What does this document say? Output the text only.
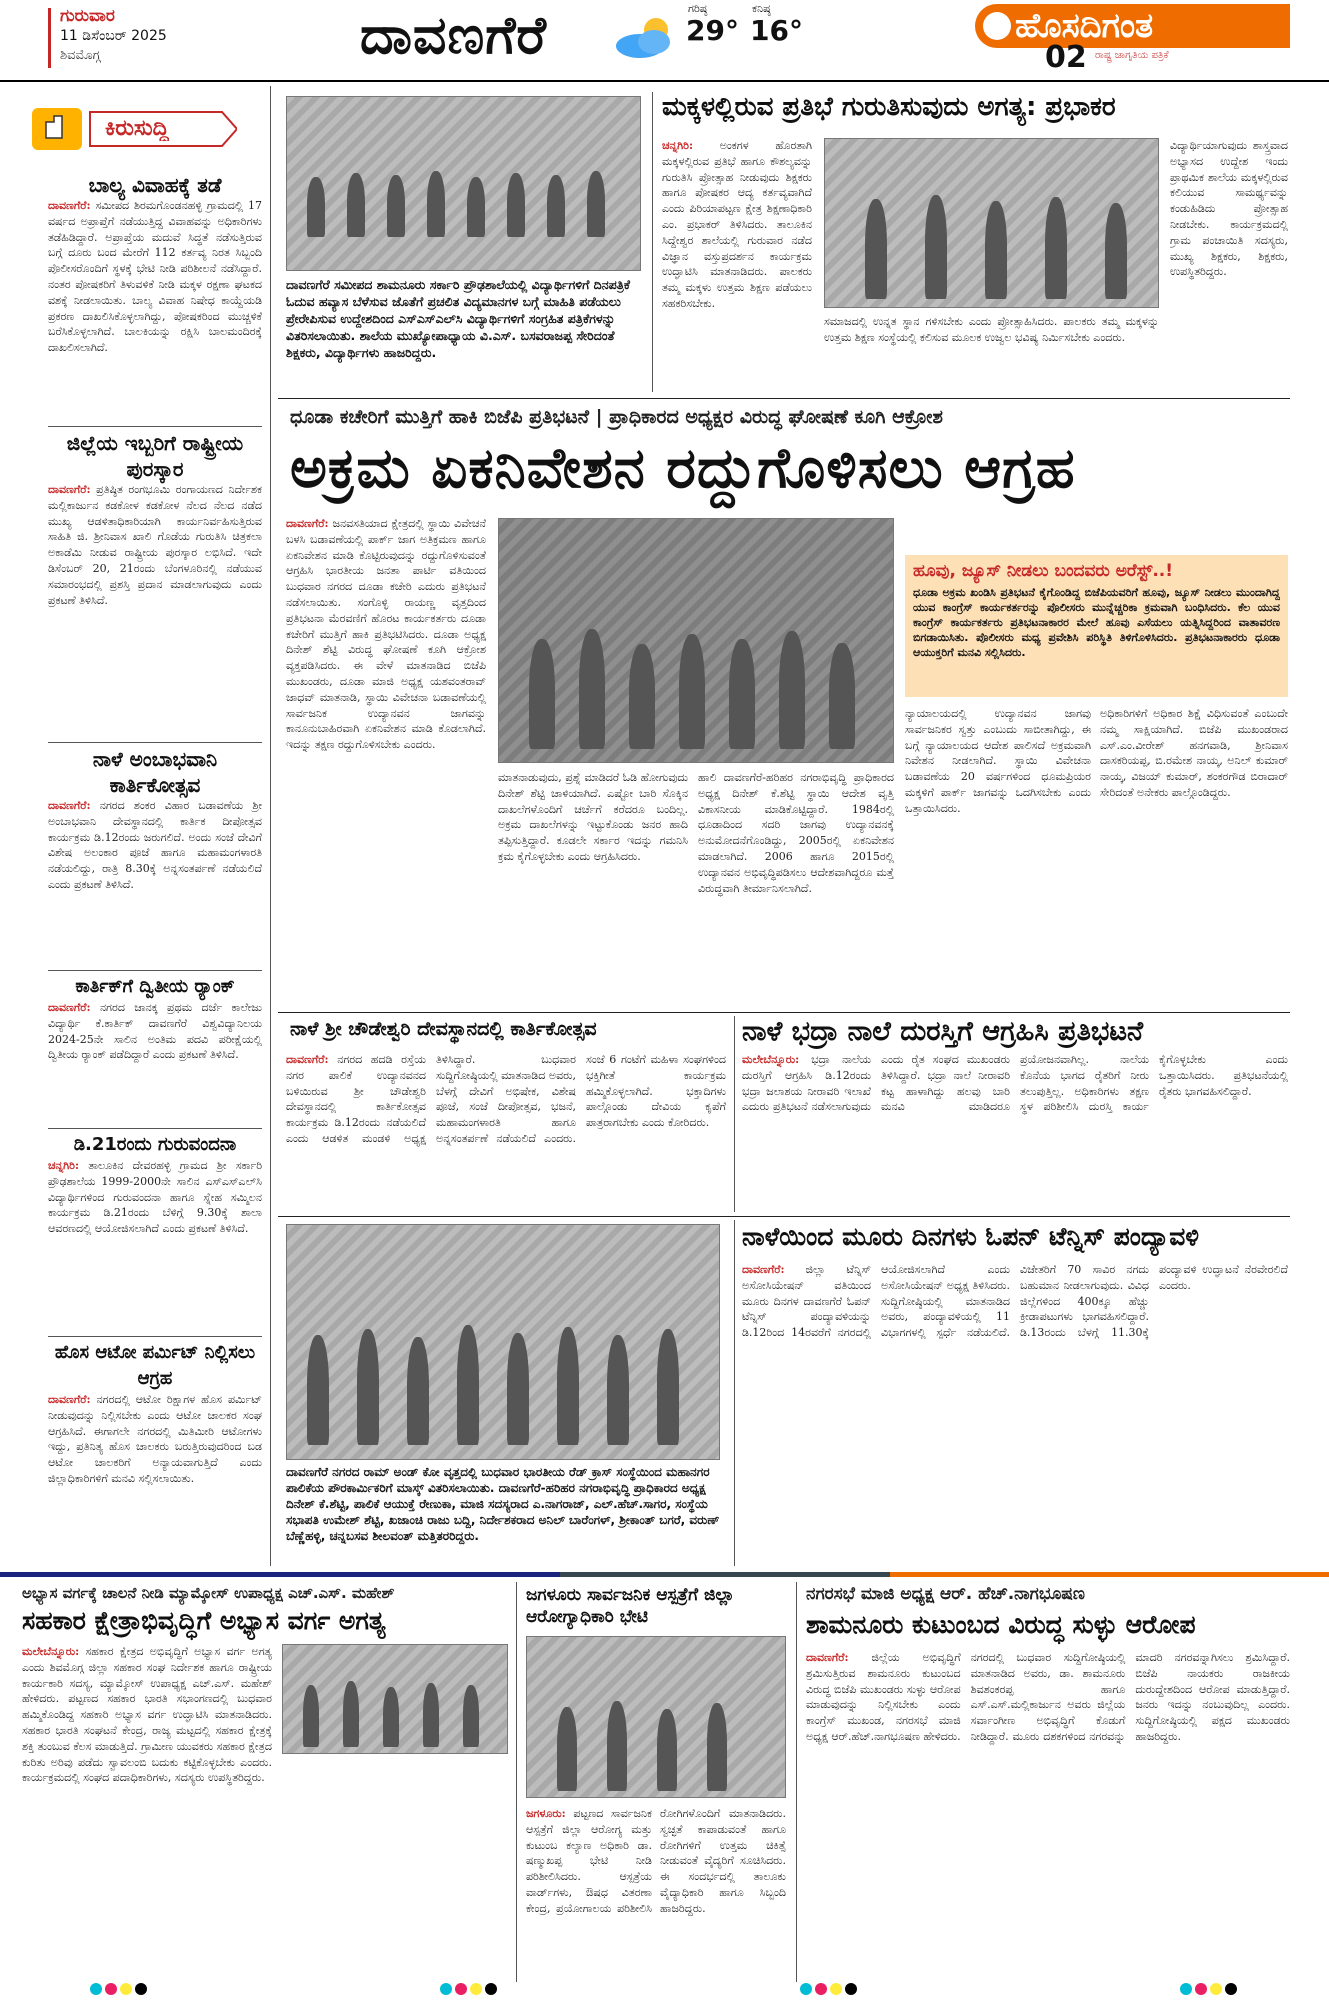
ಗುರುವಾರ
11 ಡಿಸೆಂಬರ್ 2025
ಶಿವಮೊಗ್ಗ	ದಾವಣಗೆರೆ	ಗರಿಷ್ಠ
29°
ಕನಿಷ್ಠ
16°	ಹೊಸದಿಗಂತ
ರಾಷ್ಟ್ರ ಜಾಗೃತಿಯ ಪತ್ರಿಕೆ
02
ಕಿರುಸುದ್ದಿ
ಬಾಲ್ಯ ವಿವಾಹಕ್ಕೆ ತಡೆ
ದಾವಣಗೆರೆ: ಸಮೀಪದ ಶಿರಮಗೊಂಡನಹಳ್ಳಿ ಗ್ರಾಮದಲ್ಲಿ 17 ವರ್ಷದ ಅಪ್ರಾಪ್ತೆಗೆ ನಡೆಯುತ್ತಿದ್ದ ವಿವಾಹವನ್ನು ಅಧಿಕಾರಿಗಳು ತಡೆಹಿಡಿದ್ದಾರೆ. ಅಪ್ರಾಪ್ತೆಯ ಮದುವೆ ಸಿದ್ಧತೆ ನಡೆಸುತ್ತಿರುವ ಬಗ್ಗೆ ದೂರು ಬಂದ ಮೇರೆಗೆ 112 ಕರ್ತವ್ಯ ನಿರತ ಸಿಬ್ಬಂದಿ ಪೊಲೀಸರೊಂದಿಗೆ ಸ್ಥಳಕ್ಕೆ ಭೇಟಿ ನೀಡಿ ಪರಿಶೀಲನೆ ನಡೆಸಿದ್ದಾರೆ. ನಂತರ ಪೋಷಕರಿಗೆ ತಿಳುವಳಿಕೆ ನೀಡಿ ಮಕ್ಕಳ ರಕ್ಷಣಾ ಘಟಕದ ವಶಕ್ಕೆ ನೀಡಲಾಯಿತು. ಬಾಲ್ಯ ವಿವಾಹ ನಿಷೇಧ ಕಾಯ್ದೆಯಡಿ ಪ್ರಕರಣ ದಾಖಲಿಸಿಕೊಳ್ಳಲಾಗಿದ್ದು, ಪೋಷಕರಿಂದ ಮುಚ್ಚಳಿಕೆ ಬರೆಸಿಕೊಳ್ಳಲಾಗಿದೆ. ಬಾಲಕಿಯನ್ನು ರಕ್ಷಿಸಿ ಬಾಲಮಂದಿರಕ್ಕೆ ದಾಖಲಿಸಲಾಗಿದೆ.
ಜಿಲ್ಲೆಯ ಇಬ್ಬರಿಗೆ ರಾಷ್ಟ್ರೀಯ ಪುರಸ್ಕಾರ
ದಾವಣಗೆರೆ: ಪ್ರತಿಷ್ಠಿತ ರಂಗಭೂಮಿ ರಂಗಾಯಣದ ನಿರ್ದೇಶಕ ಮಲ್ಲಿಕಾರ್ಜುನ ಕಡಕೋಳ ಕಡಕೋಳ ನೆಲದ ನೆಲದ ನಡೆದ ಮುಖ್ಯ ಆಡಳಿತಾಧಿಕಾರಿಯಾಗಿ ಕಾರ್ಯನಿರ್ವಹಿಸುತ್ತಿರುವ ಸಾಹಿತಿ ಜಿ. ಶ್ರೀನಿವಾಸ ಖಾಲಿ ಗೊಡೆಯ ಗುರುತಿಸಿ ಚಿತ್ರಕಲಾ ಅಕಾಡೆಮಿ ನೀಡುವ ರಾಷ್ಟ್ರೀಯ ಪುರಸ್ಕಾರ ಲಭಿಸಿದೆ. ಇದೇ ಡಿಸೆಂಬರ್ 20, 21ರಂದು ಬೆಂಗಳೂರಿನಲ್ಲಿ ನಡೆಯುವ ಸಮಾರಂಭದಲ್ಲಿ ಪ್ರಶಸ್ತಿ ಪ್ರದಾನ ಮಾಡಲಾಗುವುದು ಎಂದು ಪ್ರಕಟಣೆ ತಿಳಿಸಿದೆ.
ನಾಳೆ ಅಂಬಾಭವಾನಿ ಕಾರ್ತಿಕೋತ್ಸವ
ದಾವಣಗೆರೆ: ನಗರದ ಶಂಕರ ವಿಹಾರ ಬಡಾವಣೆಯ ಶ್ರೀ ಅಂಬಾಭವಾನಿ ದೇವಸ್ಥಾನದಲ್ಲಿ ಕಾರ್ತಿಕ ದೀಪೋತ್ಸವ ಕಾರ್ಯಕ್ರಮ ಡಿ.12ರಂದು ಜರುಗಲಿದೆ. ಅಂದು ಸಂಜೆ ದೇವಿಗೆ ವಿಶೇಷ ಅಲಂಕಾರ ಪೂಜೆ ಹಾಗೂ ಮಹಾಮಂಗಳಾರತಿ ನಡೆಯಲಿದ್ದು, ರಾತ್ರಿ 8.30ಕ್ಕೆ ಅನ್ನಸಂತರ್ಪಣೆ ನಡೆಯಲಿದೆ ಎಂದು ಪ್ರಕಟಣೆ ತಿಳಿಸಿದೆ.
ಕಾರ್ತಿಕ್‌ಗೆ ದ್ವಿತೀಯ ರ್‍ಯಾಂಕ್
ದಾವಣಗೆರೆ: ನಗರದ ಜಾನಕ್ಕ ಪ್ರಥಮ ದರ್ಜೆ ಕಾಲೇಜು ವಿದ್ಯಾರ್ಥಿ ಕೆ.ಕಾರ್ತಿಕ್ ದಾವಣಗೆರೆ ವಿಶ್ವವಿದ್ಯಾನಿಲಯ 2024-25ನೇ ಸಾಲಿನ ಅಂತಿಮ ಪದವಿ ಪರೀಕ್ಷೆಯಲ್ಲಿ ದ್ವಿತೀಯ ರ್‍ಯಾಂಕ್ ಪಡೆದಿದ್ದಾರೆ ಎಂದು ಪ್ರಕಟಣೆ ತಿಳಿಸಿದೆ.
ಡಿ.21ರಂದು ಗುರುವಂದನಾ
ಚನ್ನಗಿರಿ: ತಾಲೂಕಿನ ದೇವರಹಳ್ಳಿ ಗ್ರಾಮದ ಶ್ರೀ ಸರ್ಕಾರಿ ಪ್ರೌಢಶಾಲೆಯ 1999-2000ನೇ ಸಾಲಿನ ಎಸ್ಎಸ್ಎಲ್‌ಸಿ ವಿದ್ಯಾರ್ಥಿಗಳಿಂದ ಗುರುವಂದನಾ ಹಾಗೂ ಸ್ನೇಹ ಸಮ್ಮಿಲನ ಕಾರ್ಯಕ್ರಮ ಡಿ.21ರಂದು ಬೆಳಿಗ್ಗೆ 9.30ಕ್ಕೆ ಶಾಲಾ ಆವರಣದಲ್ಲಿ ಆಯೋಜಿಸಲಾಗಿದೆ ಎಂದು ಪ್ರಕಟಣೆ ತಿಳಿಸಿದೆ.
ಹೊಸ ಆಟೋ ಪರ್ಮಿಟ್ ನಿಲ್ಲಿಸಲು ಆಗ್ರಹ
ದಾವಣಗೆರೆ: ನಗರದಲ್ಲಿ ಆಟೋ ರಿಕ್ಷಾಗಳ ಹೊಸ ಪರ್ಮಿಟ್ ನೀಡುವುದನ್ನು ನಿಲ್ಲಿಸಬೇಕು ಎಂದು ಆಟೋ ಚಾಲಕರ ಸಂಘ ಆಗ್ರಹಿಸಿದೆ. ಈಗಾಗಲೇ ನಗರದಲ್ಲಿ ಮಿತಿಮೀರಿ ಆಟೋಗಳು ಇದ್ದು, ಪ್ರತಿನಿತ್ಯ ಹೊಸ ಚಾಲಕರು ಬರುತ್ತಿರುವುದರಿಂದ ಬಡ ಆಟೋ ಚಾಲಕರಿಗೆ ಅನ್ಯಾಯವಾಗುತ್ತಿದೆ ಎಂದು ಜಿಲ್ಲಾಧಿಕಾರಿಗಳಿಗೆ ಮನವಿ ಸಲ್ಲಿಸಲಾಯಿತು.
ದಾವಣಗೆರೆ ಸಮೀಪದ ಶಾಮನೂರು ಸರ್ಕಾರಿ ಪ್ರೌಢಶಾಲೆಯಲ್ಲಿ ವಿದ್ಯಾರ್ಥಿಗಳಿಗೆ ದಿನಪತ್ರಿಕೆ ಓದುವ ಹವ್ಯಾಸ ಬೆಳೆಸುವ ಜೊತೆಗೆ ಪ್ರಚಲಿತ ವಿದ್ಯಮಾನಗಳ ಬಗ್ಗೆ ಮಾಹಿತಿ ಪಡೆಯಲು ಪ್ರೇರೇಪಿಸುವ ಉದ್ದೇಶದಿಂದ ಎಸ್ಎಸ್ಎಲ್‌ಸಿ ವಿದ್ಯಾರ್ಥಿಗಳಿಗೆ ಸಂಗ್ರಹಿತ ಪತ್ರಿಕೆಗಳನ್ನು ವಿತರಿಸಲಾಯಿತು. ಶಾಲೆಯ ಮುಖ್ಯೋಪಾಧ್ಯಾಯ ವಿ.ಎಸ್. ಬಸವರಾಜಪ್ಪ ಸೇರಿದಂತೆ ಶಿಕ್ಷಕರು, ವಿದ್ಯಾರ್ಥಿಗಳು ಹಾಜರಿದ್ದರು.
ಮಕ್ಕಳಲ್ಲಿರುವ ಪ್ರತಿಭೆ ಗುರುತಿಸುವುದು ಅಗತ್ಯ: ಪ್ರಭಾಕರ
ಚನ್ನಗಿರಿ: ಅಂಕಗಳ ಹೊರತಾಗಿ ಮಕ್ಕಳಲ್ಲಿರುವ ಪ್ರತಿಭೆ ಹಾಗೂ ಕೌಶಲ್ಯವನ್ನು ಗುರುತಿಸಿ ಪ್ರೋತ್ಸಾಹ ನೀಡುವುದು ಶಿಕ್ಷಕರು ಹಾಗೂ ಪೋಷಕರ ಆದ್ಯ ಕರ್ತವ್ಯವಾಗಿದೆ ಎಂದು ಪಿರಿಯಾಪಟ್ಟಣ ಕ್ಷೇತ್ರ ಶಿಕ್ಷಣಾಧಿಕಾರಿ ಎಂ. ಪ್ರಭಾಕರ್ ತಿಳಿಸಿದರು. ತಾಲೂಕಿನ ಸಿದ್ದೇಶ್ವರ ಶಾಲೆಯಲ್ಲಿ ಗುರುವಾರ ನಡೆದ ವಿಜ್ಞಾನ ವಸ್ತುಪ್ರದರ್ಶನ ಕಾರ್ಯಕ್ರಮ ಉದ್ಘಾಟಿಸಿ ಮಾತನಾಡಿದರು. ಪಾಲಕರು ತಮ್ಮ ಮಕ್ಕಳು ಉತ್ತಮ ಶಿಕ್ಷಣ ಪಡೆಯಲು ಸಹಕರಿಸಬೇಕು.
ಸಮಾಜದಲ್ಲಿ ಉನ್ನತ ಸ್ಥಾನ ಗಳಿಸಬೇಕು ಎಂದು ಪ್ರೋತ್ಸಾಹಿಸಿದರು. ಪಾಲಕರು ತಮ್ಮ ಮಕ್ಕಳನ್ನು ಉತ್ತಮ ಶಿಕ್ಷಣ ಸಂಸ್ಥೆಯಲ್ಲಿ ಕಲಿಸುವ ಮೂಲಕ ಉಜ್ವಲ ಭವಿಷ್ಯ ನಿರ್ಮಿಸಬೇಕು ಎಂದರು.
ವಿದ್ಯಾರ್ಥಿಯಾಗುವುದು ಶಾಸ್ತ್ರವಾದ ಅಭ್ಯಾಸದ ಉದ್ದೇಶ ಇಂದು ಪ್ರಾಥಮಿಕ ಶಾಲೆಯ ಮಕ್ಕಳಲ್ಲಿರುವ ಕಲಿಯುವ ಸಾಮರ್ಥ್ಯವನ್ನು ಕಂಡುಹಿಡಿದು ಪ್ರೋತ್ಸಾಹ ನೀಡಬೇಕು. ಕಾರ್ಯಕ್ರಮದಲ್ಲಿ ಗ್ರಾಮ ಪಂಚಾಯಿತಿ ಸದಸ್ಯರು, ಮುಖ್ಯ ಶಿಕ್ಷಕರು, ಶಿಕ್ಷಕರು, ಉಪಸ್ಥಿತರಿದ್ದರು.
ಧೂಡಾ ಕಚೇರಿಗೆ ಮುತ್ತಿಗೆ ಹಾಕಿ ಬಿಜೆಪಿ ಪ್ರತಿಭಟನೆ | ಪ್ರಾಧಿಕಾರದ ಅಧ್ಯಕ್ಷರ ವಿರುದ್ಧ ಘೋಷಣೆ ಕೂಗಿ ಆಕ್ರೋಶ
ಅಕ್ರಮ ಏಕನಿವೇಶನ ರದ್ದುಗೊಳಿಸಲು ಆಗ್ರಹ
ದಾವಣಗೆರೆ: ಜನವಸತಿಯಾದ ಕ್ಷೇತ್ರದಲ್ಲಿ ಸ್ಥಾಯಿ ವಿವೇಚನೆ ಬಳಸಿ ಬಡಾವಣೆಯಲ್ಲಿ ಪಾರ್ಕ್ ಜಾಗ ಅತಿಕ್ರಮಣ ಹಾಗೂ ಏಕನಿವೇಶನ ಮಾಡಿ ಕೊಟ್ಟಿರುವುದನ್ನು ರದ್ದುಗೊಳಿಸುವಂತೆ ಆಗ್ರಹಿಸಿ ಭಾರತೀಯ ಜನತಾ ಪಾರ್ಟಿ ವತಿಯಿಂದ ಬುಧವಾರ ನಗರದ ದೂಡಾ ಕಚೇರಿ ಎದುರು ಪ್ರತಿಭಟನೆ ನಡೆಸಲಾಯಿತು. ಸಂಗೊಳ್ಳಿ ರಾಯಣ್ಣ ವೃತ್ತದಿಂದ ಪ್ರತಿಭಟನಾ ಮೆರವಣಿಗೆ ಹೊರಟ ಕಾರ್ಯಕರ್ತರು ದೂಡಾ ಕಚೇರಿಗೆ ಮುತ್ತಿಗೆ ಹಾಕಿ ಪ್ರತಿಭಟಿಸಿದರು. ದೂಡಾ ಅಧ್ಯಕ್ಷ ದಿನೇಶ್ ಶೆಟ್ಟಿ ವಿರುದ್ಧ ಘೋಷಣೆ ಕೂಗಿ ಆಕ್ರೋಶ ವ್ಯಕ್ತಪಡಿಸಿದರು. ಈ ವೇಳೆ ಮಾತನಾಡಿದ ಬಿಜೆಪಿ ಮುಖಂಡರು, ದೂಡಾ ಮಾಜಿ ಅಧ್ಯಕ್ಷ ಯಶವಂತರಾವ್ ಜಾಧವ್ ಮಾತನಾಡಿ, ಸ್ಥಾಯಿ ವಿವೇಚನಾ ಬಡಾವಣೆಯಲ್ಲಿ ಸಾರ್ವಜನಿಕ ಉದ್ಯಾನವನ ಜಾಗವನ್ನು ಕಾನೂನುಬಾಹಿರವಾಗಿ ಏಕನಿವೇಶನ ಮಾಡಿ ಕೊಡಲಾಗಿದೆ. ಇದನ್ನು ತಕ್ಷಣ ರದ್ದುಗೊಳಿಸಬೇಕು ಎಂದರು.
ಮಾತನಾಡುವುದು, ಪ್ರಶ್ನೆ ಮಾಡಿದರೆ ಓಡಿ ಹೋಗುವುದು ದಿನೇಶ್ ಶೆಟ್ಟಿ ಚಾಳಿಯಾಗಿದೆ. ಎಷ್ಟೋ ಬಾರಿ ಸೊಕ್ಕಿನ ದಾಖಲೆಗಳೊಂದಿಗೆ ಚರ್ಚೆಗೆ ಕರೆದರೂ ಬಂದಿಲ್ಲ. ಅಕ್ರಮ ದಾಖಲೆಗಳನ್ನು ಇಟ್ಟುಕೊಂಡು ಜನರ ಹಾದಿ ತಪ್ಪಿಸುತ್ತಿದ್ದಾರೆ. ಕೂಡಲೇ ಸರ್ಕಾರ ಇದನ್ನು ಗಮನಿಸಿ ಕ್ರಮ ಕೈಗೊಳ್ಳಬೇಕು ಎಂದು ಆಗ್ರಹಿಸಿದರು.
ಹಾಲಿ ದಾವಣಗೆರೆ-ಹರಿಹರ ನಗರಾಭಿವೃದ್ಧಿ ಪ್ರಾಧಿಕಾರದ ಅಧ್ಯಕ್ಷ ದಿನೇಶ್ ಕೆ.ಶೆಟ್ಟಿ ಸ್ಥಾಯಿ ಆದೇಶ ವೃತ್ತಿ ವಿಕಾಸನೀಯ ಮಾಡಿಕೊಟ್ಟಿದ್ದಾರೆ. 1984ರಲ್ಲಿ ಧೂಡಾದಿಂದ ಸದರಿ ಜಾಗವು ಉದ್ಯಾನವನಕ್ಕೆ ಅನುಮೋದನೆಗೊಂಡಿದ್ದು, 2005ರಲ್ಲಿ ಏಕನಿವೇಶನ ಮಾಡಲಾಗಿದೆ. 2006 ಹಾಗೂ 2015ರಲ್ಲಿ ಉದ್ಯಾನವನ ಅಭಿವೃದ್ಧಿಪಡಿಸಲು ಆದೇಶವಾಗಿದ್ದರೂ ಮತ್ತೆ ವಿರುದ್ಧವಾಗಿ ತೀರ್ಮಾನಿಸಲಾಗಿದೆ.
ಹೂವು, ಜ್ಯೂಸ್ ನೀಡಲು ಬಂದವರು ಅರೆಸ್ಟ್..!
ಧೂಡಾ ಅಕ್ರಮ ಖಂಡಿಸಿ ಪ್ರತಿಭಟನೆ ಕೈಗೊಂಡಿದ್ದ ಬಿಜೆಪಿಯವರಿಗೆ ಹೂವು, ಜ್ಯೂಸ್ ನೀಡಲು ಮುಂದಾಗಿದ್ದ ಯುವ ಕಾಂಗ್ರೆಸ್ ಕಾರ್ಯಕರ್ತರನ್ನು ಪೊಲೀಸರು ಮುನ್ನೆಚ್ಚರಿಕಾ ಕ್ರಮವಾಗಿ ಬಂಧಿಸಿದರು. ಕೆಲ ಯುವ ಕಾಂಗ್ರೆಸ್ ಕಾರ್ಯಕರ್ತರು ಪ್ರತಿಭಟನಾಕಾರರ ಮೇಲೆ ಹೂವು ಎಸೆಯಲು ಯತ್ನಿಸಿದ್ದರಿಂದ ವಾತಾವರಣ ಬಿಗಡಾಯಿಸಿತು. ಪೊಲೀಸರು ಮಧ್ಯ ಪ್ರವೇಶಿಸಿ ಪರಿಸ್ಥಿತಿ ತಿಳಿಗೊಳಿಸಿದರು. ಪ್ರತಿಭಟನಾಕಾರರು ಧೂಡಾ ಆಯುಕ್ತರಿಗೆ ಮನವಿ ಸಲ್ಲಿಸಿದರು.
ನ್ಯಾಯಾಲಯದಲ್ಲಿ ಉದ್ಯಾನವನ ಜಾಗವು ಸಾರ್ವಜನಿಕರ ಸ್ವತ್ತು ಎಂಬುದು ಸಾಬೀತಾಗಿದ್ದು, ಈ ಬಗ್ಗೆ ನ್ಯಾಯಾಲಯದ ಆದೇಶ ಪಾಲಿಸದೆ ಅಕ್ರಮವಾಗಿ ನಿವೇಶನ ನೀಡಲಾಗಿದೆ. ಸ್ಥಾಯಿ ವಿವೇಚನಾ ಬಡಾವಣೆಯ 20 ವರ್ಷಗಳಿಂದ ಧೂಮಪ್ರಿಯರ ಮಕ್ಕಳಿಗೆ ಪಾರ್ಕ್ ಜಾಗವನ್ನು ಒದಗಿಸಬೇಕು ಎಂದು ಒತ್ತಾಯಿಸಿದರು.
ಅಧಿಕಾರಿಗಳಿಗೆ ಅಧಿಕಾರ ಶಿಕ್ಷೆ ವಿಧಿಸುವಂತೆ ಎಂಬುದೇ ನಮ್ಮ ಸಾಕ್ಷಿಯಾಗಿದೆ. ಬಿಜೆಪಿ ಮುಖಂಡರಾದ ಎಸ್.ಎಂ.ವೀರೇಶ್ ಹನಗವಾಡಿ, ಶ್ರೀನಿವಾಸ ದಾಸಕರಿಯಪ್ಪ, ಬಿ.ರಮೇಶ ನಾಯ್ಕ, ಅನಿಲ್ ಕುಮಾರ್ ನಾಯ್ಕ, ವಿಜಯ್ ಕುಮಾರ್, ಶಂಕರಗೌಡ ಬಿರಾದಾರ್ ಸೇರಿದಂತೆ ಅನೇಕರು ಪಾಲ್ಗೊಂಡಿದ್ದರು.
ನಾಳೆ ಶ್ರೀ ಚೌಡೇಶ್ವರಿ ದೇವಸ್ಥಾನದಲ್ಲಿ ಕಾರ್ತಿಕೋತ್ಸವ
ದಾವಣಗೆರೆ: ನಗರದ ಹದಡಿ ರಸ್ತೆಯ ನಗರ ಪಾಲಿಕೆ ಉದ್ಯಾನವನದ ಬಳಿಯಿರುವ ಶ್ರೀ ಚೌಡೇಶ್ವರಿ ದೇವಸ್ಥಾನದಲ್ಲಿ ಕಾರ್ತಿಕೋತ್ಸವ ಕಾರ್ಯಕ್ರಮ ಡಿ.12ರಂದು ನಡೆಯಲಿದೆ ಎಂದು ಆಡಳಿತ ಮಂಡಳಿ ಅಧ್ಯಕ್ಷ ತಿಳಿಸಿದ್ದಾರೆ. ಬುಧವಾರ ಸುದ್ದಿಗೋಷ್ಠಿಯಲ್ಲಿ ಮಾತನಾಡಿದ ಅವರು, ಬೆಳಗ್ಗೆ ದೇವಿಗೆ ಅಭಿಷೇಕ, ವಿಶೇಷ ಪೂಜೆ, ಸಂಜೆ ದೀಪೋತ್ಸವ, ಭಜನೆ, ಮಹಾಮಂಗಳಾರತಿ ಹಾಗೂ ಅನ್ನಸಂತರ್ಪಣೆ ನಡೆಯಲಿದೆ ಎಂದರು. ಸಂಜೆ 6 ಗಂಟೆಗೆ ಮಹಿಳಾ ಸಂಘಗಳಿಂದ ಭಕ್ತಿಗೀತೆ ಕಾರ್ಯಕ್ರಮ ಹಮ್ಮಿಕೊಳ್ಳಲಾಗಿದೆ. ಭಕ್ತಾದಿಗಳು ಪಾಲ್ಗೊಂಡು ದೇವಿಯ ಕೃಪೆಗೆ ಪಾತ್ರರಾಗಬೇಕು ಎಂದು ಕೋರಿದರು.
ನಾಳೆ ಭದ್ರಾ ನಾಲೆ ದುರಸ್ತಿಗೆ ಆಗ್ರಹಿಸಿ ಪ್ರತಿಭಟನೆ
ಮಲೇಬೆನ್ನೂರು: ಭದ್ರಾ ನಾಲೆಯ ದುರಸ್ತಿಗೆ ಆಗ್ರಹಿಸಿ ಡಿ.12ರಂದು ಭದ್ರಾ ಜಲಾಶಯ ನೀರಾವರಿ ಇಲಾಖೆ ಎದುರು ಪ್ರತಿಭಟನೆ ನಡೆಸಲಾಗುವುದು ಎಂದು ರೈತ ಸಂಘದ ಮುಖಂಡರು ತಿಳಿಸಿದ್ದಾರೆ. ಭದ್ರಾ ನಾಲೆ ನೀರಾವರಿ ಕಟ್ಟ ಹಾಳಾಗಿದ್ದು ಹಲವು ಬಾರಿ ಮನವಿ ಮಾಡಿದರೂ ಪ್ರಯೋಜನವಾಗಿಲ್ಲ. ನಾಲೆಯ ಕೊನೆಯ ಭಾಗದ ರೈತರಿಗೆ ನೀರು ತಲುಪುತ್ತಿಲ್ಲ. ಅಧಿಕಾರಿಗಳು ತಕ್ಷಣ ಸ್ಥಳ ಪರಿಶೀಲಿಸಿ ದುರಸ್ತಿ ಕಾರ್ಯ ಕೈಗೊಳ್ಳಬೇಕು ಎಂದು ಒತ್ತಾಯಿಸಿದರು. ಪ್ರತಿಭಟನೆಯಲ್ಲಿ ರೈತರು ಭಾಗವಹಿಸಲಿದ್ದಾರೆ.
ದಾವಣಗೆರೆ ನಗರದ ರಾಮ್ ಅಂಡ್ ಕೋ ವೃತ್ತದಲ್ಲಿ ಬುಧವಾರ ಭಾರತೀಯ ರೆಡ್ ಕ್ರಾಸ್ ಸಂಸ್ಥೆಯಿಂದ ಮಹಾನಗರ ಪಾಲಿಕೆಯ ಪೌರಕಾರ್ಮಿಕರಿಗೆ ಮಾಸ್ಕ್ ವಿತರಿಸಲಾಯಿತು. ದಾವಣಗೆರೆ-ಹರಿಹರ ನಗರಾಭಿವೃದ್ಧಿ ಪ್ರಾಧಿಕಾರದ ಅಧ್ಯಕ್ಷ ದಿನೇಶ್ ಕೆ.ಶೆಟ್ಟಿ, ಪಾಲಿಕೆ ಆಯುಕ್ತೆ ರೇಣುಕಾ, ಮಾಜಿ ಸದಸ್ಯರಾದ ಎ.ನಾಗರಾಜ್, ಎಲ್.ಹೆಚ್.ಸಾಗರ, ಸಂಸ್ಥೆಯ ಸಭಾಪತಿ ಉಮೇಶ್ ಶೆಟ್ಟಿ, ಖಜಾಂಚಿ ರಾಜು ಬದ್ದಿ, ನಿರ್ದೇಶಕರಾದ ಅನಿಲ್ ಬಾರೆಂಗಳ್, ಶ್ರೀಕಾಂತ್ ಬಗರೆ, ವರುಣ್ ಬೆಣ್ಣೆಹಳ್ಳಿ, ಚನ್ನಬಸವ ಶೀಲವಂತ್ ಮತ್ತಿತರರಿದ್ದರು.
ನಾಳೆಯಿಂದ ಮೂರು ದಿನಗಳು ಓಪನ್ ಟೆನ್ನಿಸ್ ಪಂದ್ಯಾವಳಿ
ದಾವಣಗೆರೆ: ಜಿಲ್ಲಾ ಟೆನ್ನಿಸ್ ಅಸೋಸಿಯೇಷನ್ ವತಿಯಿಂದ ಮೂರು ದಿನಗಳ ದಾವಣಗೆರೆ ಓಪನ್ ಟೆನ್ನಿಸ್ ಪಂದ್ಯಾವಳಿಯನ್ನು ಡಿ.12ರಿಂದ 14ರವರೆಗೆ ನಗರದಲ್ಲಿ ಆಯೋಜಿಸಲಾಗಿದೆ ಎಂದು ಅಸೋಸಿಯೇಷನ್ ಅಧ್ಯಕ್ಷ ತಿಳಿಸಿದರು. ಸುದ್ದಿಗೋಷ್ಠಿಯಲ್ಲಿ ಮಾತನಾಡಿದ ಅವರು, ಪಂದ್ಯಾವಳಿಯಲ್ಲಿ 11 ವಿಭಾಗಗಳಲ್ಲಿ ಸ್ಪರ್ಧೆ ನಡೆಯಲಿದೆ. ವಿಜೇತರಿಗೆ 70 ಸಾವಿರ ನಗದು ಬಹುಮಾನ ನೀಡಲಾಗುವುದು. ವಿವಿಧ ಜಿಲ್ಲೆಗಳಿಂದ 400ಕ್ಕೂ ಹೆಚ್ಚು ಕ್ರೀಡಾಪಟುಗಳು ಭಾಗವಹಿಸಲಿದ್ದಾರೆ. ಡಿ.13ರಂದು ಬೆಳಗ್ಗೆ 11.30ಕ್ಕೆ ಪಂದ್ಯಾವಳಿ ಉದ್ಘಾಟನೆ ನೆರವೇರಲಿದೆ ಎಂದರು.
ಅಭ್ಯಾಸ ವರ್ಗಕ್ಕೆ ಚಾಲನೆ ನೀಡಿ ಮ್ಯಾಮ್ಕೋಸ್ ಉಪಾಧ್ಯಕ್ಷ ಎಚ್.ಎಸ್. ಮಹೇಶ್
ಸಹಕಾರ ಕ್ಷೇತ್ರಾಭಿವೃದ್ಧಿಗೆ ಅಭ್ಯಾಸ ವರ್ಗ ಅಗತ್ಯ
ಮಲೇಬೆನ್ನೂರು: ಸಹಕಾರ ಕ್ಷೇತ್ರದ ಅಭಿವೃದ್ಧಿಗೆ ಅಭ್ಯಾಸ ವರ್ಗ ಅಗತ್ಯ ಎಂದು ಶಿವಮೊಗ್ಗ ಜಿಲ್ಲಾ ಸಹಕಾರ ಸಂಘ ನಿರ್ದೇಶಕ ಹಾಗೂ ರಾಷ್ಟ್ರೀಯ ಕಾರ್ಯಕಾರಿ ಸದಸ್ಯ, ಮ್ಯಾಮ್ಕೋಸ್ ಉಪಾಧ್ಯಕ್ಷ ಎಚ್.ಎಸ್. ಮಹೇಶ್ ಹೇಳಿದರು. ಪಟ್ಟಣದ ಸಹಕಾರ ಭಾರತಿ ಸಭಾಂಗಣದಲ್ಲಿ ಬುಧವಾರ ಹಮ್ಮಿಕೊಂಡಿದ್ದ ಸಹಕಾರಿ ಅಭ್ಯಾಸ ವರ್ಗ ಉದ್ಘಾಟಿಸಿ ಮಾತನಾಡಿದರು. ಸಹಕಾರ ಭಾರತಿ ಸಂಘಟನೆ ಕೇಂದ್ರ, ರಾಜ್ಯ ಮಟ್ಟದಲ್ಲಿ ಸಹಕಾರ ಕ್ಷೇತ್ರಕ್ಕೆ ಶಕ್ತಿ ತುಂಬುವ ಕೆಲಸ ಮಾಡುತ್ತಿದೆ. ಗ್ರಾಮೀಣ ಯುವಕರು ಸಹಕಾರ ಕ್ಷೇತ್ರದ ಕುರಿತು ಅರಿವು ಪಡೆದು ಸ್ವಾವಲಂಬಿ ಬದುಕು ಕಟ್ಟಿಕೊಳ್ಳಬೇಕು ಎಂದರು. ಕಾರ್ಯಕ್ರಮದಲ್ಲಿ ಸಂಘದ ಪದಾಧಿಕಾರಿಗಳು, ಸದಸ್ಯರು ಉಪಸ್ಥಿತರಿದ್ದರು.
ಜಗಳೂರು ಸಾರ್ವಜನಿಕ ಆಸ್ಪತ್ರೆಗೆ ಜಿಲ್ಲಾ ಆರೋಗ್ಯಾಧಿಕಾರಿ ಭೇಟಿ
ಜಗಳೂರು: ಪಟ್ಟಣದ ಸಾರ್ವಜನಿಕ ಆಸ್ಪತ್ರೆಗೆ ಜಿಲ್ಲಾ ಆರೋಗ್ಯ ಮತ್ತು ಕುಟುಂಬ ಕಲ್ಯಾಣ ಅಧಿಕಾರಿ ಡಾ. ಷಣ್ಮುಖಪ್ಪ ಭೇಟಿ ನೀಡಿ ಪರಿಶೀಲಿಸಿದರು. ಆಸ್ಪತ್ರೆಯ ವಾರ್ಡ್‌ಗಳು, ಔಷಧ ವಿತರಣಾ ಕೇಂದ್ರ, ಪ್ರಯೋಗಾಲಯ ಪರಿಶೀಲಿಸಿ ರೋಗಿಗಳೊಂದಿಗೆ ಮಾತನಾಡಿದರು. ಸ್ವಚ್ಛತೆ ಕಾಪಾಡುವಂತೆ ಹಾಗೂ ರೋಗಿಗಳಿಗೆ ಉತ್ತಮ ಚಿಕಿತ್ಸೆ ನೀಡುವಂತೆ ವೈದ್ಯರಿಗೆ ಸೂಚಿಸಿದರು. ಈ ಸಂದರ್ಭದಲ್ಲಿ ತಾಲೂಕು ವೈದ್ಯಾಧಿಕಾರಿ ಹಾಗೂ ಸಿಬ್ಬಂದಿ ಹಾಜರಿದ್ದರು.
ನಗರಸಭೆ ಮಾಜಿ ಅಧ್ಯಕ್ಷ ಆರ್. ಹೆಚ್.ನಾಗಭೂಷಣ
ಶಾಮನೂರು ಕುಟುಂಬದ ವಿರುದ್ಧ ಸುಳ್ಳು ಆರೋಪ
ದಾವಣಗೆರೆ: ಜಿಲ್ಲೆಯ ಅಭಿವೃದ್ಧಿಗೆ ಶ್ರಮಿಸುತ್ತಿರುವ ಶಾಮನೂರು ಕುಟುಂಬದ ವಿರುದ್ಧ ಬಿಜೆಪಿ ಮುಖಂಡರು ಸುಳ್ಳು ಆರೋಪ ಮಾಡುವುದನ್ನು ನಿಲ್ಲಿಸಬೇಕು ಎಂದು ಕಾಂಗ್ರೆಸ್ ಮುಖಂಡ, ನಗರಸಭೆ ಮಾಜಿ ಅಧ್ಯಕ್ಷ ಆರ್.ಹೆಚ್.ನಾಗಭೂಷಣ ಹೇಳಿದರು. ನಗರದಲ್ಲಿ ಬುಧವಾರ ಸುದ್ದಿಗೋಷ್ಠಿಯಲ್ಲಿ ಮಾತನಾಡಿದ ಅವರು, ಡಾ. ಶಾಮನೂರು ಶಿವಶಂಕರಪ್ಪ ಹಾಗೂ ಎಸ್.ಎಸ್.ಮಲ್ಲಿಕಾರ್ಜುನ ಅವರು ಜಿಲ್ಲೆಯ ಸರ್ವಾಂಗೀಣ ಅಭಿವೃದ್ಧಿಗೆ ಕೊಡುಗೆ ನೀಡಿದ್ದಾರೆ. ಮೂರು ದಶಕಗಳಿಂದ ನಗರವನ್ನು ಮಾದರಿ ನಗರವನ್ನಾಗಿಸಲು ಶ್ರಮಿಸಿದ್ದಾರೆ. ಬಿಜೆಪಿ ನಾಯಕರು ರಾಜಕೀಯ ದುರುದ್ದೇಶದಿಂದ ಆರೋಪ ಮಾಡುತ್ತಿದ್ದಾರೆ. ಜನರು ಇದನ್ನು ನಂಬುವುದಿಲ್ಲ ಎಂದರು. ಸುದ್ದಿಗೋಷ್ಠಿಯಲ್ಲಿ ಪಕ್ಷದ ಮುಖಂಡರು ಹಾಜರಿದ್ದರು.
